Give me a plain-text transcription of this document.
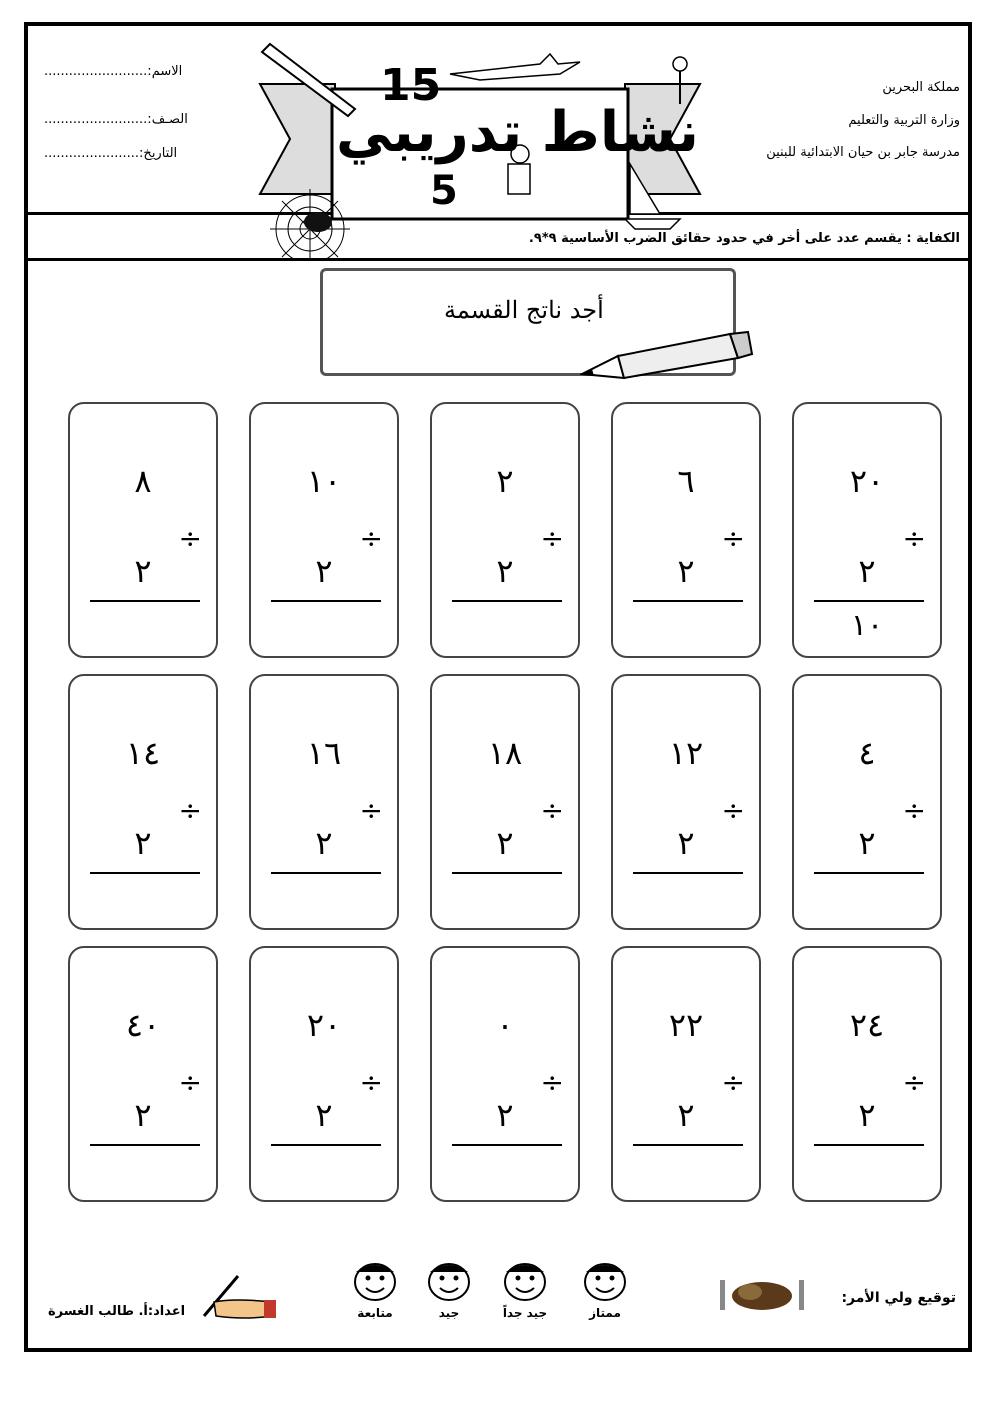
مملكة البحرين
وزارة التربية والتعليم
مدرسة جابر بن حيان الابتدائية للبنين
الاسم:.........................
الصـف:.........................
التاريخ:.......................	نشاط تدريبي
15
5
الكفاية : يقسم عدد على أخر في حدود حقائق الضرب الأساسية ٩*٩.
أجد ناتج القسمة
٢٠
÷
٢
١٠
٦
÷
٢
٢
÷
٢
١٠
÷
٢
٨
÷
٢
٤
÷
٢
١٢
÷
٢
١٨
÷
٢
١٦
÷
٢
١٤
÷
٢
٢٤
÷
٢
٢٢
÷
٢
٠
÷
٢
٢٠
÷
٢
٤٠
÷
٢
توقيع ولي الأمر:
ممتاز
جيد جداً
جيد
متابعة
اعداد:أ. طالب الغسرة
